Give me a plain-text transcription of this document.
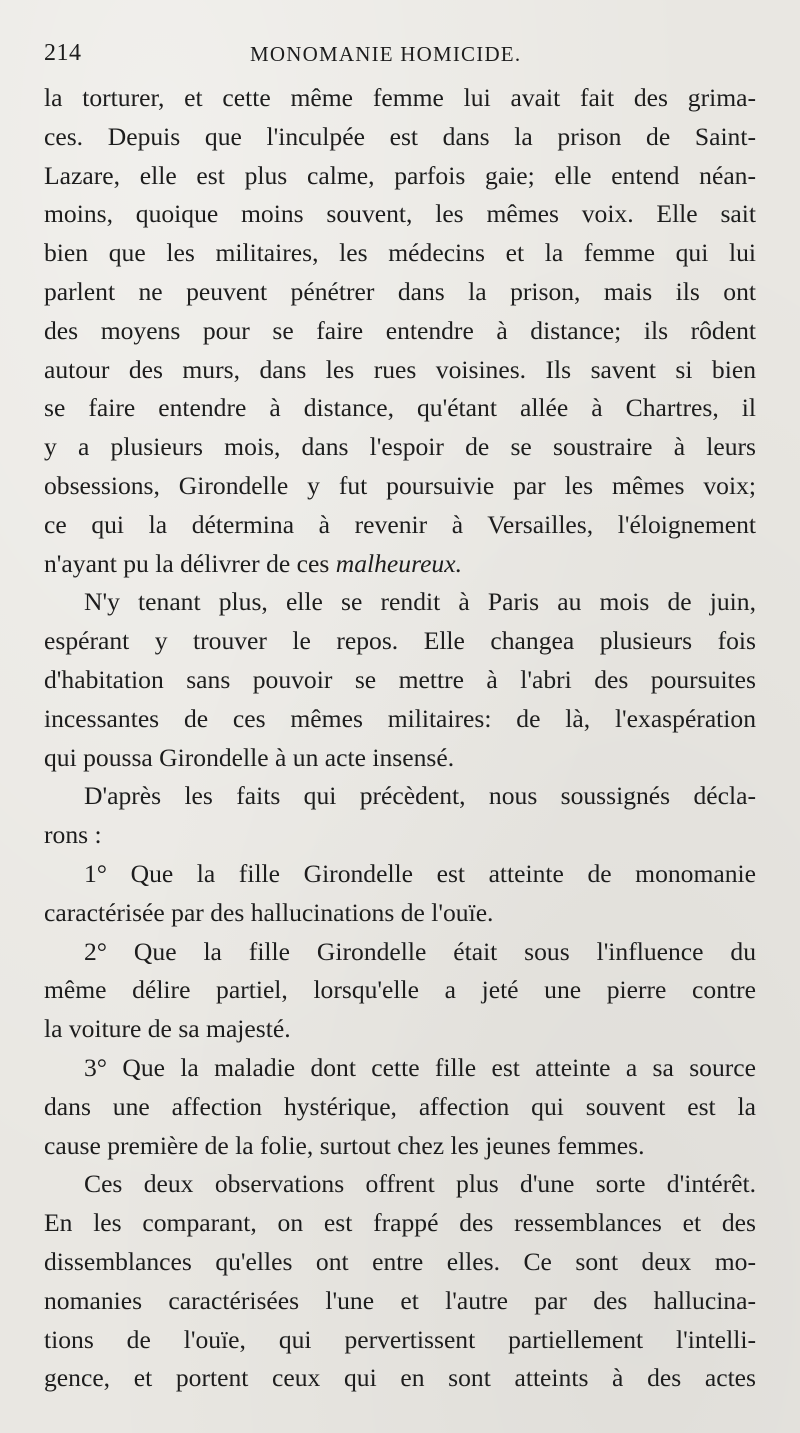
214	MONOMANIE HOMICIDE.
la torturer, et cette même femme lui avait fait des grima-
ces. Depuis que l'inculpée est dans la prison de Saint-
Lazare, elle est plus calme, parfois gaie; elle entend néan-
moins, quoique moins souvent, les mêmes voix. Elle sait
bien que les militaires, les médecins et la femme qui lui
parlent ne peuvent pénétrer dans la prison, mais ils ont
des moyens pour se faire entendre à distance; ils rôdent
autour des murs, dans les rues voisines. Ils savent si bien
se faire entendre à distance, qu'étant allée à Chartres, il
y a plusieurs mois, dans l'espoir de se soustraire à leurs
obsessions, Girondelle y fut poursuivie par les mêmes voix;
ce qui la détermina à revenir à Versailles, l'éloignement
n'ayant pu la délivrer de ces malheureux.
N'y tenant plus, elle se rendit à Paris au mois de juin,
espérant y trouver le repos. Elle changea plusieurs fois
d'habitation sans pouvoir se mettre à l'abri des poursuites
incessantes de ces mêmes militaires: de là, l'exaspération
qui poussa Girondelle à un acte insensé.
D'après les faits qui précèdent, nous soussignés décla-
rons :
1° Que la fille Girondelle est atteinte de monomanie
caractérisée par des hallucinations de l'ouïe.
2° Que la fille Girondelle était sous l'influence du
même délire partiel, lorsqu'elle a jeté une pierre contre
la voiture de sa majesté.
3° Que la maladie dont cette fille est atteinte a sa source
dans une affection hystérique, affection qui souvent est la
cause première de la folie, surtout chez les jeunes femmes.
Ces deux observations offrent plus d'une sorte d'intérêt.
En les comparant, on est frappé des ressemblances et des
dissemblances qu'elles ont entre elles. Ce sont deux mo-
nomanies caractérisées l'une et l'autre par des hallucina-
tions de l'ouïe, qui pervertissent partiellement l'intelli-
gence, et portent ceux qui en sont atteints à des actes
